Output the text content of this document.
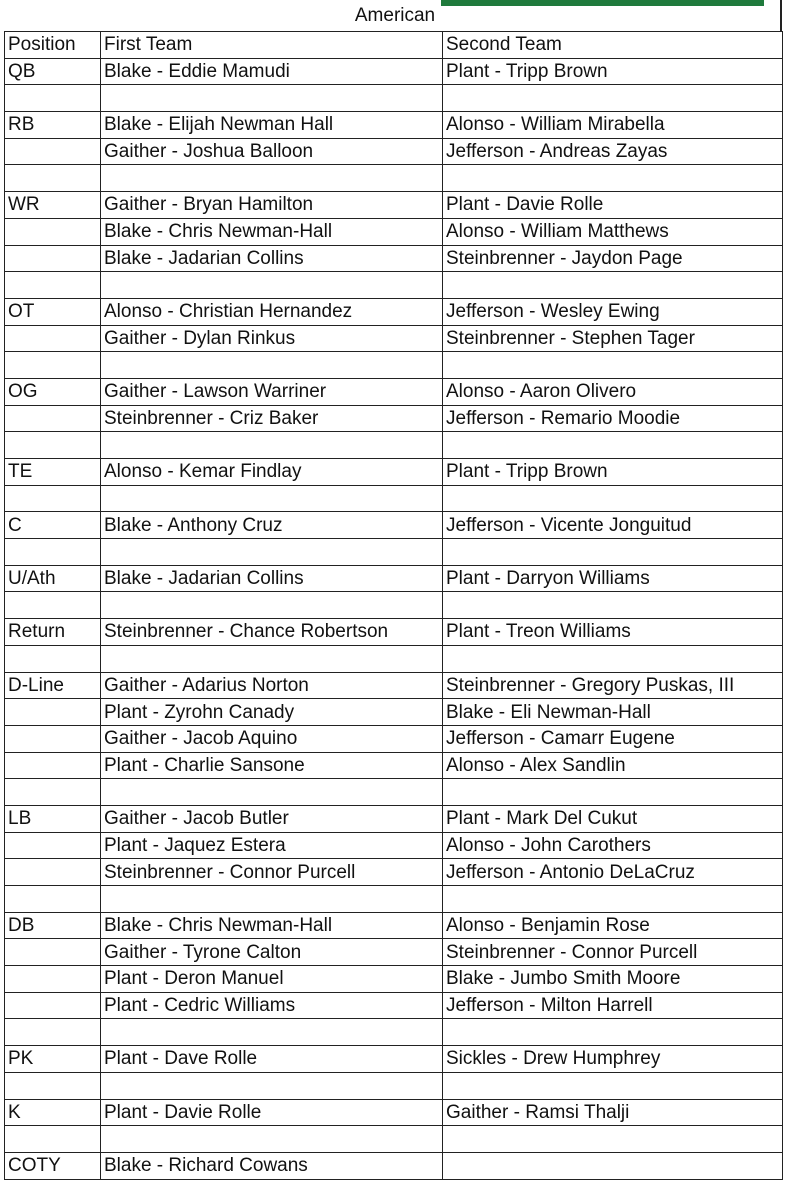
American
Position	First Team	Second Team
QB	Blake - Eddie Mamudi	Plant - Tripp Brown

RB	Blake - Elijah Newman Hall	Alonso - William Mirabella
	Gaither - Joshua Balloon	Jefferson - Andreas Zayas

WR	Gaither - Bryan Hamilton	Plant - Davie Rolle
	Blake - Chris Newman-Hall	Alonso - William Matthews
	Blake - Jadarian Collins	Steinbrenner - Jaydon Page

OT	Alonso - Christian Hernandez	Jefferson - Wesley Ewing
	Gaither - Dylan Rinkus	Steinbrenner - Stephen Tager

OG	Gaither - Lawson Warriner	Alonso - Aaron Olivero
	Steinbrenner - Criz Baker	Jefferson - Remario Moodie

TE	Alonso - Kemar Findlay	Plant - Tripp Brown

C	Blake - Anthony Cruz	Jefferson - Vicente Jonguitud

U/Ath	Blake - Jadarian Collins	Plant - Darryon Williams

Return	Steinbrenner - Chance Robertson	Plant - Treon Williams

D-Line	Gaither - Adarius Norton	Steinbrenner - Gregory Puskas, III
	Plant - Zyrohn Canady	Blake - Eli Newman-Hall
	Gaither - Jacob Aquino	Jefferson - Camarr Eugene
	Plant - Charlie Sansone	Alonso - Alex Sandlin

LB	Gaither - Jacob Butler	Plant - Mark Del Cukut
	Plant - Jaquez Estera	Alonso - John Carothers
	Steinbrenner - Connor Purcell	Jefferson - Antonio DeLaCruz

DB	Blake - Chris Newman-Hall	Alonso - Benjamin Rose
	Gaither - Tyrone Calton	Steinbrenner - Connor Purcell
	Plant - Deron Manuel	Blake - Jumbo Smith Moore
	Plant - Cedric Williams	Jefferson - Milton Harrell

PK	Plant - Dave Rolle	Sickles - Drew Humphrey

K	Plant - Davie Rolle	Gaither - Ramsi Thalji

COTY	Blake - Richard Cowans	
